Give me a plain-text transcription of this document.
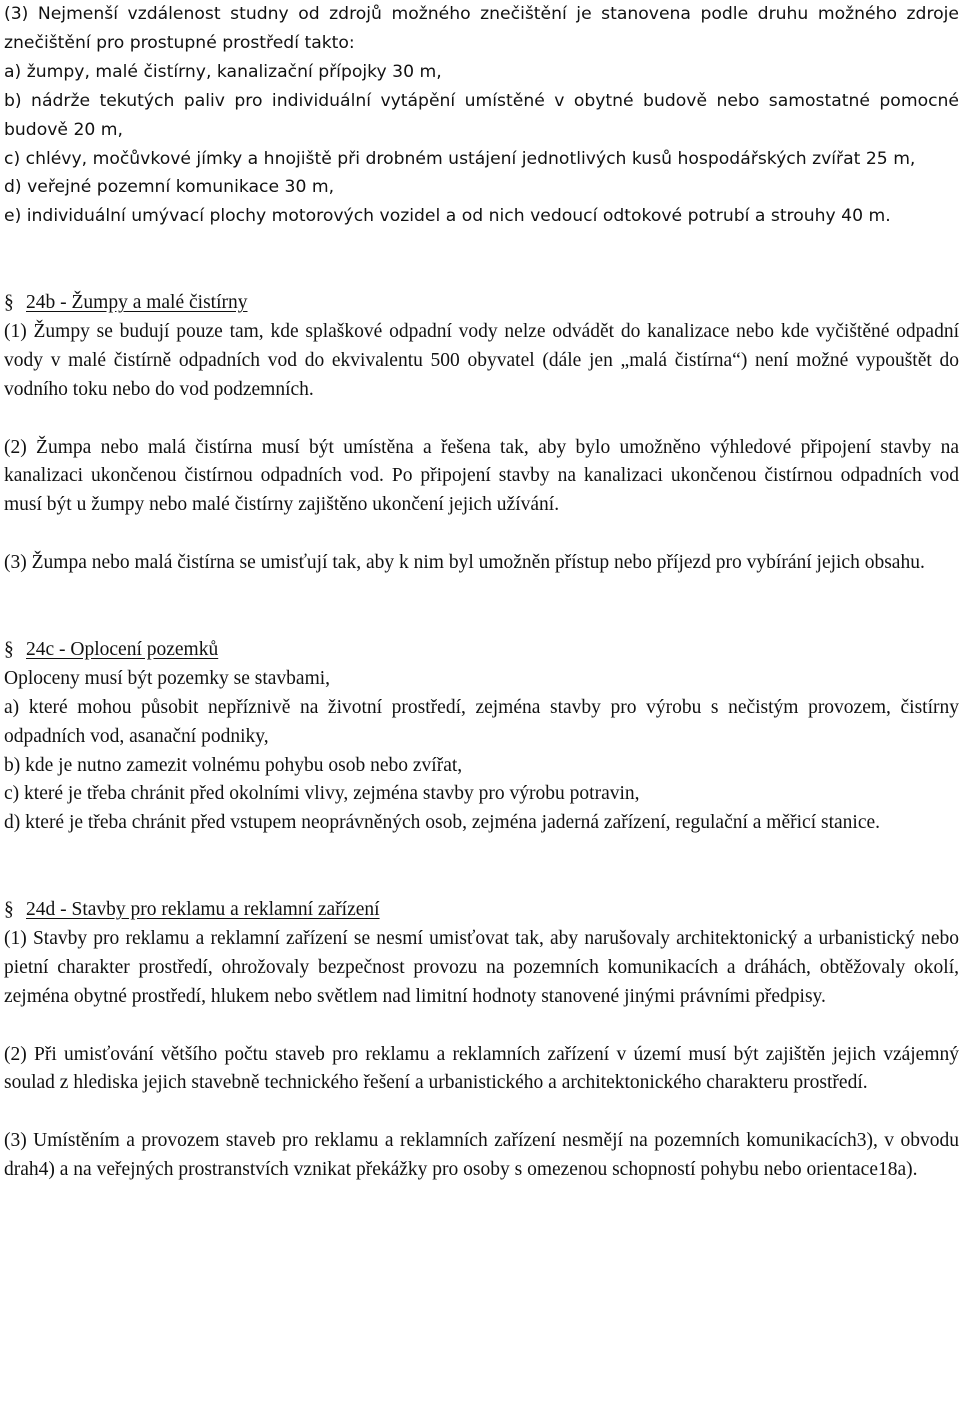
(3) Nejmenší vzdálenost studny od zdrojů možného znečištění je stanovena podle druhu možného zdroje znečištění pro prostupné prostředí takto:

a) žumpy, malé čistírny, kanalizační přípojky 30 m,

b) nádrže tekutých paliv pro individuální vytápění umístěné v obytné budově nebo samostatné pomocné budově 20 m,

c) chlévy, močůvkové jímky a hnojiště při drobném ustájení jednotlivých kusů hospodářských zvířat 25 m,

d) veřejné pozemní komunikace 30 m,

e) individuální umývací plochy motorových vozidel a od nich vedoucí odtokové potrubí a strouhy 40 m.

§ 24b - Žumpy a malé čistírny

(1) Žumpy se budují pouze tam, kde splaškové odpadní vody nelze odvádět do kanalizace nebo kde vyčištěné odpadní vody v malé čistírně odpadních vod do ekvivalentu 500 obyvatel (dále jen „malá čistírna“) není možné vypouštět do vodního toku nebo do vod podzemních.

(2) Žumpa nebo malá čistírna musí být umístěna a řešena tak, aby bylo umožněno výhledové připojení stavby na kanalizaci ukončenou čistírnou odpadních vod. Po připojení stavby na kanalizaci ukončenou čistírnou odpadních vod musí být u žumpy nebo malé čistírny zajištěno ukončení jejich užívání.

(3) Žumpa nebo malá čistírna se umisťují tak, aby k nim byl umožněn přístup nebo příjezd pro vybírání jejich obsahu.

§ 24c - Oplocení pozemků

Oploceny musí být pozemky se stavbami,

a) které mohou působit nepříznivě na životní prostředí, zejména stavby pro výrobu s nečistým provozem, čistírny odpadních vod, asanační podniky,

b) kde je nutno zamezit volnému pohybu osob nebo zvířat,

c) které je třeba chránit před okolními vlivy, zejména stavby pro výrobu potravin,

d) které je třeba chránit před vstupem neoprávněných osob, zejména jaderná zařízení, regulační a měřicí stanice.

§ 24d - Stavby pro reklamu a reklamní zařízení

(1) Stavby pro reklamu a reklamní zařízení se nesmí umisťovat tak, aby narušovaly architektonický a urbanistický nebo pietní charakter prostředí, ohrožovaly bezpečnost provozu na pozemních komunikacích a dráhách, obtěžovaly okolí, zejména obytné prostředí, hlukem nebo světlem nad limitní hodnoty stanovené jinými právními předpisy.

(2) Při umisťování většího počtu staveb pro reklamu a reklamních zařízení v území musí být zajištěn jejich vzájemný soulad z hlediska jejich stavebně technického řešení a urbanistického a architektonického charakteru prostředí.

(3) Umístěním a provozem staveb pro reklamu a reklamních zařízení nesmějí na pozemních komunikacích3), v obvodu drah4) a na veřejných prostranstvích vznikat překážky pro osoby s omezenou schopností pohybu nebo orientace18a).
